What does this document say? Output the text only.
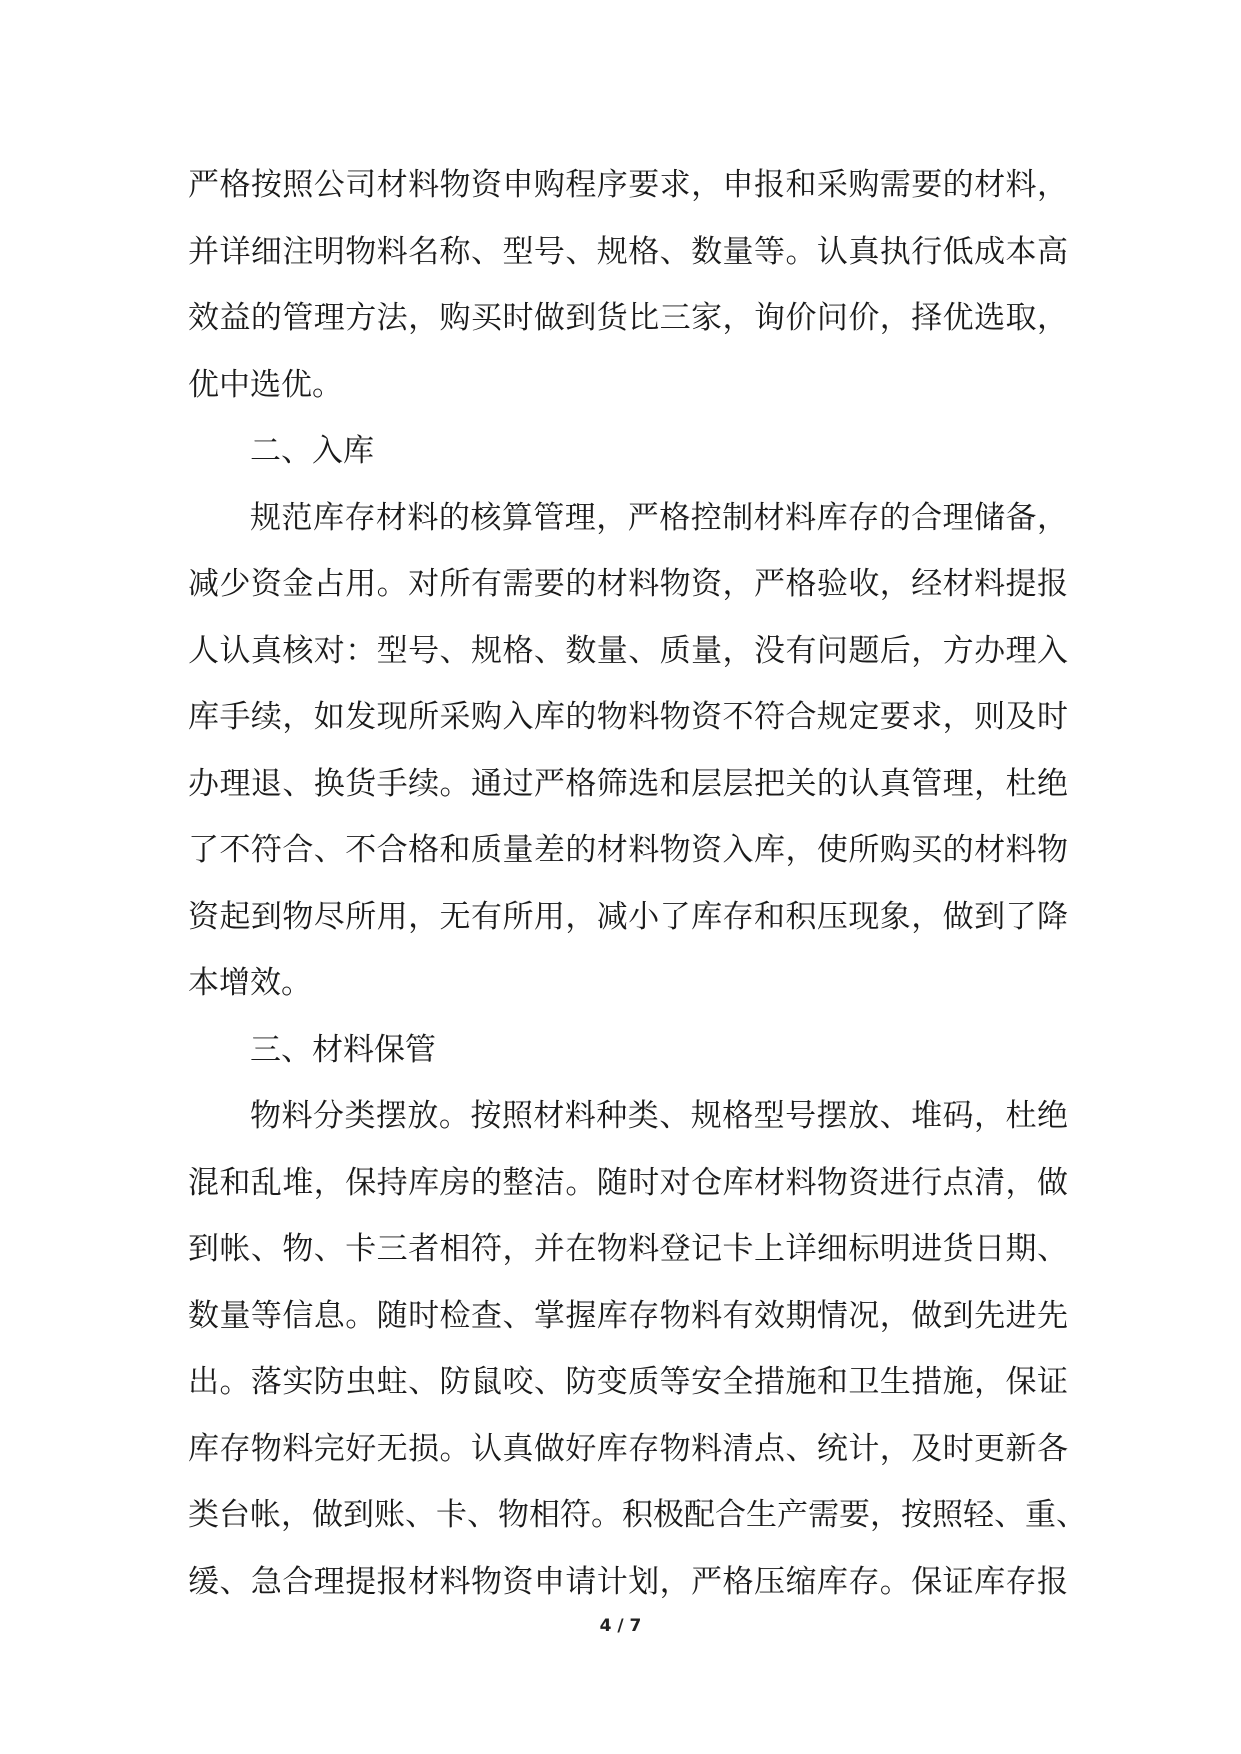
严格按照公司材料物资申购程序要求，申报和采购需要的材料，
并详细注明物料名称、型号、规格、数量等。认真执行低成本高
效益的管理方法，购买时做到货比三家，询价问价，择优选取，
优中选优。
二、入库
规范库存材料的核算管理，严格控制材料库存的合理储备，
减少资金占用。对所有需要的材料物资，严格验收，经材料提报
人认真核对：型号、规格、数量、质量，没有问题后，方办理入
库手续，如发现所采购入库的物料物资不符合规定要求，则及时
办理退、换货手续。通过严格筛选和层层把关的认真管理，杜绝
了不符合、不合格和质量差的材料物资入库，使所购买的材料物
资起到物尽所用，无有所用，减小了库存和积压现象，做到了降
本增效。
三、材料保管
物料分类摆放。按照材料种类、规格型号摆放、堆码，杜绝
混和乱堆，保持库房的整洁。随时对仓库材料物资进行点清，做
到帐、物、卡三者相符，并在物料登记卡上详细标明进货日期、
数量等信息。随时检查、掌握库存物料有效期情况，做到先进先
出。落实防虫蛀、防鼠咬、防变质等安全措施和卫生措施，保证
库存物料完好无损。认真做好库存物料清点、统计，及时更新各
类台帐，做到账、卡、物相符。积极配合生产需要，按照轻、重、
缓、急合理提报材料物资申请计划，严格压缩库存。保证库存报
4 / 7
